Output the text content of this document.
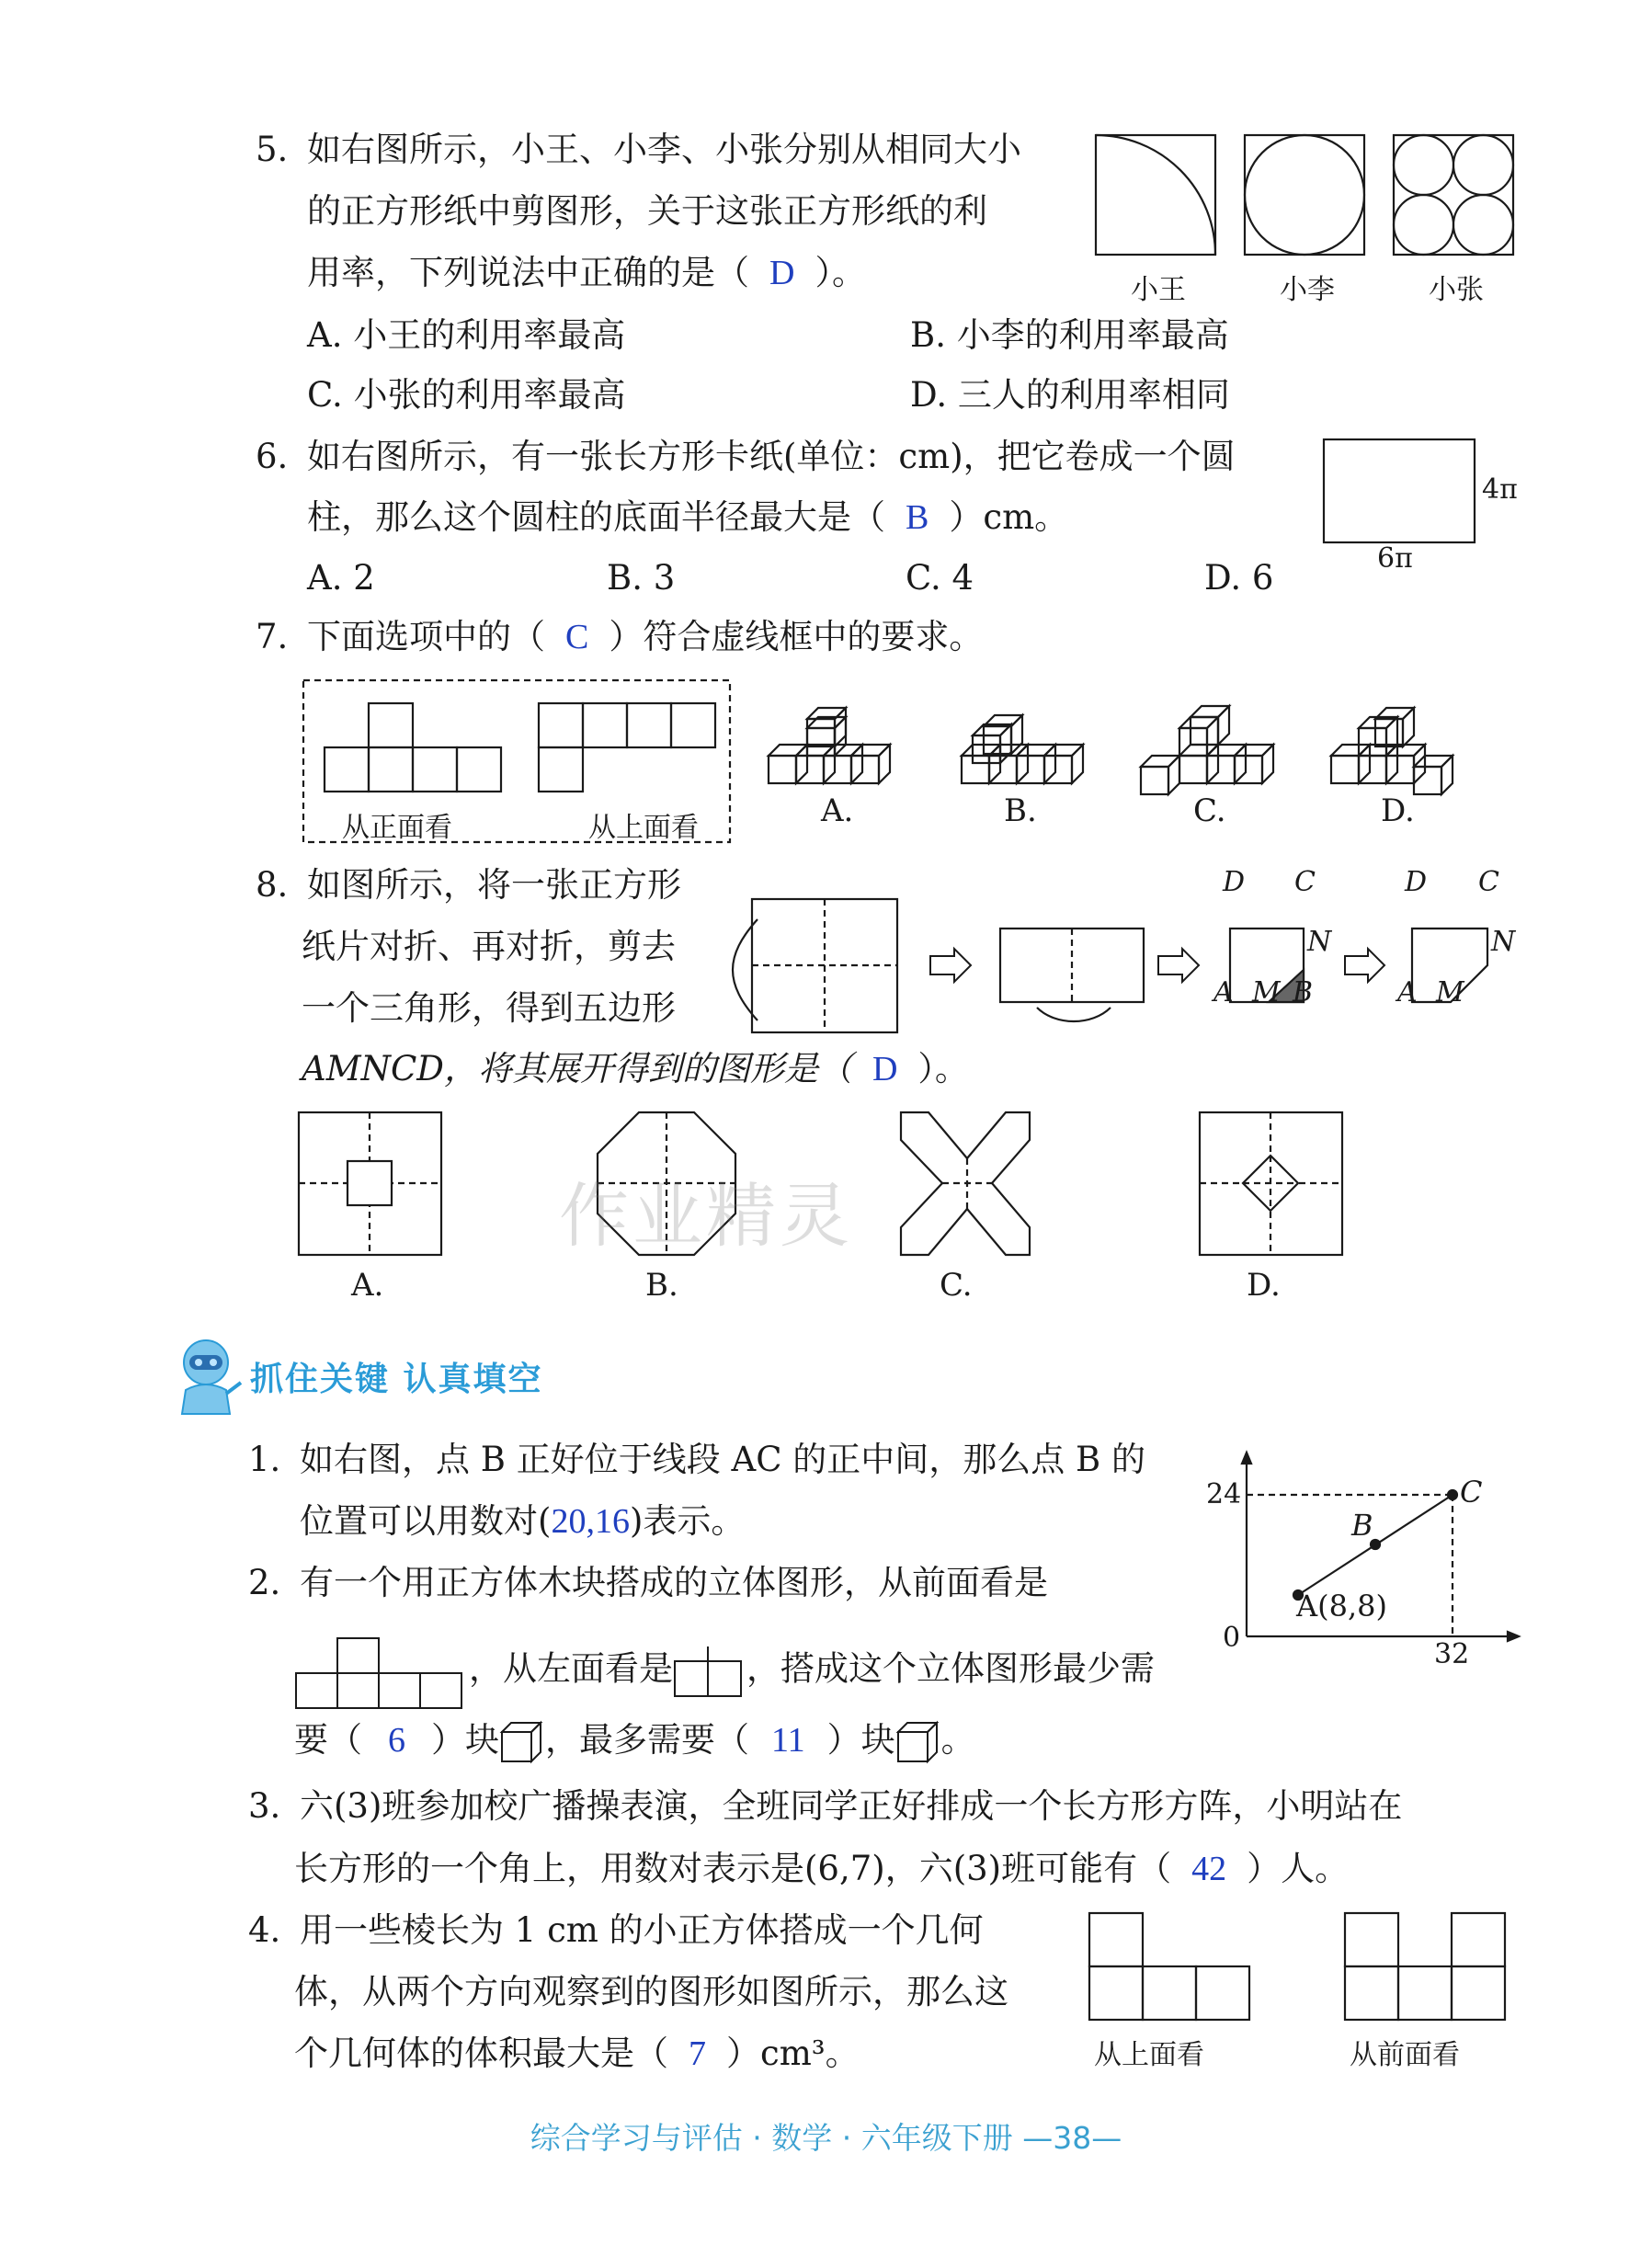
5. 如右图所示，小王、小李、小张分别从相同大小
的正方形纸中剪图形，关于这张正方形纸的利
用率，下列说法中正确的是（ D ）。
A. 小王的利用率最高	B. 小李的利用率最高
C. 小张的利用率最高	D. 三人的利用率相同
小王	小李	小张
6. 如右图所示，有一张长方形卡纸(单位：cm)，把它卷成一个圆
柱，那么这个圆柱的底面半径最大是（ B ）cm。
A. 2	B. 3	C. 4	D. 6
4π
6π
7. 下面选项中的（ C ）符合虚线框中的要求。
从正面看	从上面看	A.	B.	C.	D.
8. 如图所示，将一张正方形
纸片对折、再对折，剪去
一个三角形，得到五边形
AMNCD，将其展开得到的图形是（ D ）。
D C
N
A M B
D C
N
A M
A.	B.	C.	D.
作业精灵
抓住关键 认真填空
1. 如右图，点 B 正好位于线段 AC 的正中间，那么点 B 的
位置可以用数对(20,16)表示。
24
32
0
A(8,8)
B
C
2. 有一个用正方体木块搭成的立体图形，从前面看是
，从左面看是 ，搭成这个立体图形最少需
要（ 6 ）块 ，最多需要（ 11 ）块 。
3. 六(3)班参加校广播操表演，全班同学正好排成一个长方形方阵，小明站在
长方形的一个角上，用数对表示是(6,7)，六(3)班可能有（ 42 ）人。
4. 用一些棱长为 1 cm 的小正方体搭成一个几何
体，从两个方向观察到的图形如图所示，那么这
个几何体的体积最大是（ 7 ）cm³。	从上面看	从前面看
综合学习与评估 · 数学 · 六年级下册 —38—
